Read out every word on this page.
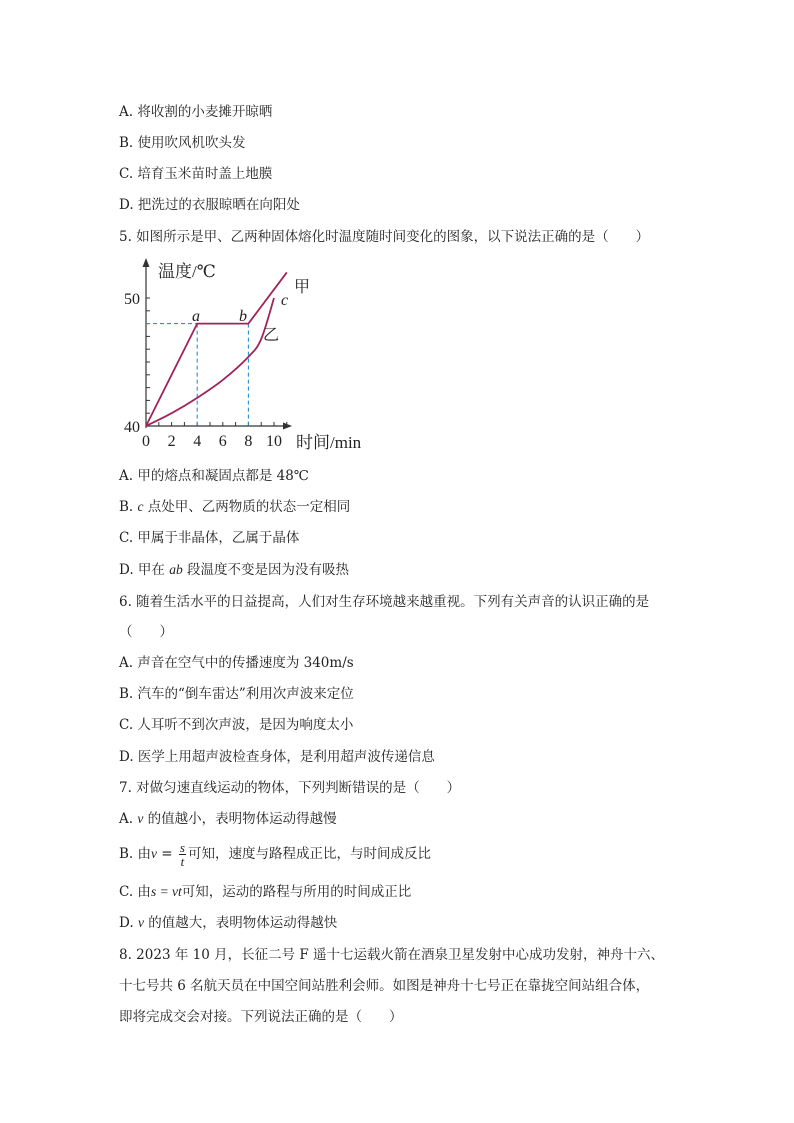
A. 将收割的小麦摊开晾晒
B. 使用吹风机吹头发
C. 培育玉米苗时盖上地膜
D. 把洗过的衣服晾晒在向阳处
5. 如图所示是甲、乙两种固体熔化时温度随时间变化的图象，以下说法正确的是（　　）
0 2 4 6 8 10
40
50
温度/℃
时间/min
a b
c
甲
乙
A. 甲的熔点和凝固点都是 48℃
B. c 点处甲、乙两物质的状态一定相同
C. 甲属于非晶体，乙属于晶体
D. 甲在 ab 段温度不变是因为没有吸热
6. 随着生活水平的日益提高，人们对生存环境越来越重视。下列有关声音的认识正确的是
（　　）
A. 声音在空气中的传播速度为 340m/s
B. 汽车的“倒车雷达”利用次声波来定位
C. 人耳听不到次声波，是因为响度太小
D. 医学上用超声波检查身体，是利用超声波传递信息
7. 对做匀速直线运动的物体，下列判断错误的是（　　）
A. v 的值越小，表明物体运动得越慢
B. 由$v = \frac{s}{t}$ 可知，速度与路程成正比，与时间成反比
C. 由s = vt可知，运动的路程与所用的时间成正比
D. v 的值越大，表明物体运动得越快
8. 2023 年 10 月，长征二号 F 遥十七运载火箭在酒泉卫星发射中心成功发射，神舟十六、
十七号共 6 名航天员在中国空间站胜利会师。如图是神舟十七号正在靠拢空间站组合体，
即将完成交会对接。下列说法正确的是（　　）
